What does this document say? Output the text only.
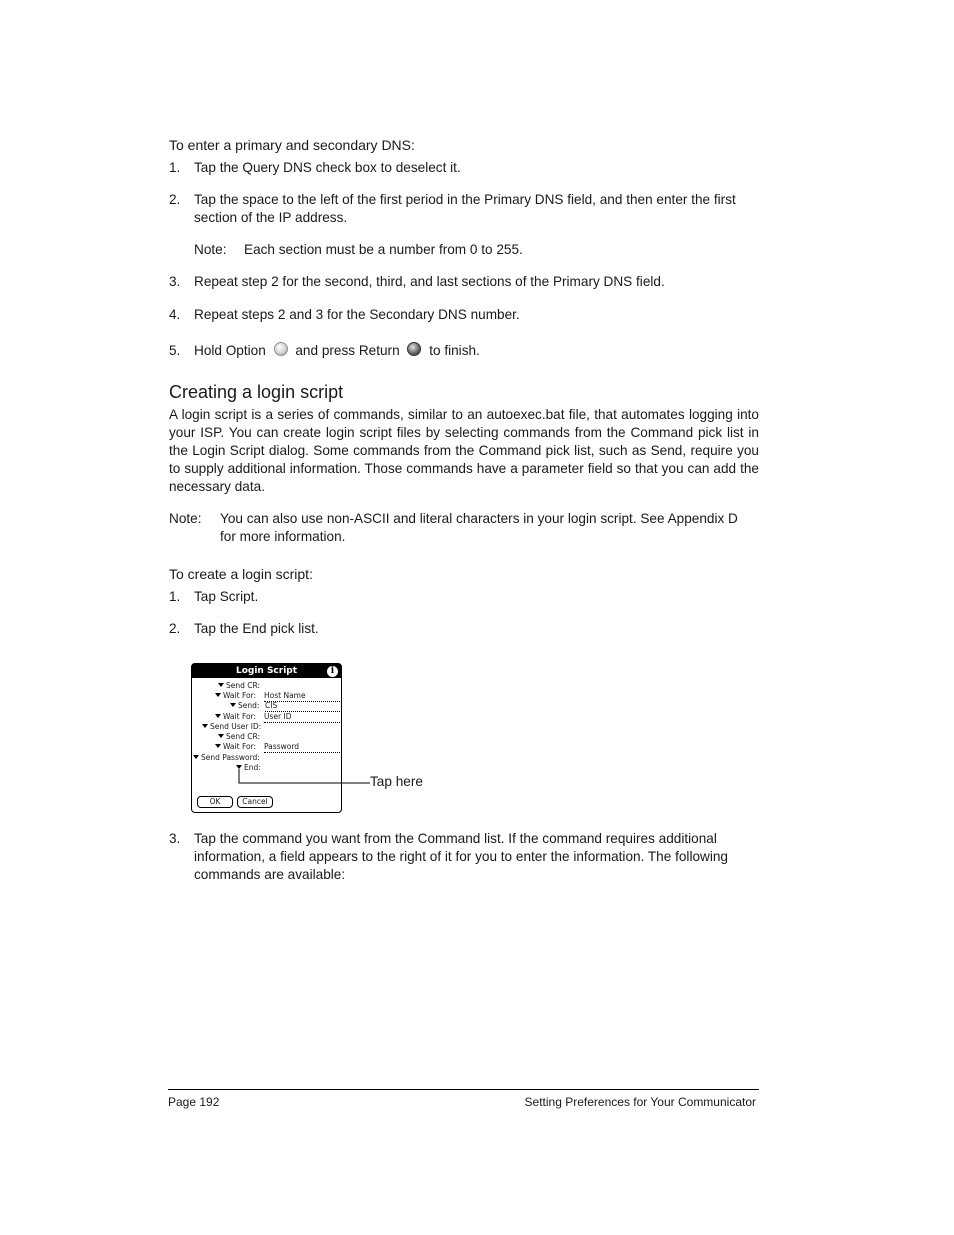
To enter a primary and secondary DNS:
1.	Tap the Query DNS check box to deselect it.
2.	Tap the space to the left of the first period in the Primary DNS field, and then enter the first section of the IP address.
Note:	Each section must be a number from 0 to 255.
3.	Repeat step 2 for the second, third, and last sections of the Primary DNS field.
4.	Repeat steps 2 and 3 for the Secondary DNS number.
5.	Hold Option and press Return to finish.
Creating a login script
A login script is a series of commands, similar to an autoexec.bat file, that automates logging into your ISP. You can create login script files by selecting commands from the Command pick list in the Login Script dialog. Some commands from the Command pick list, such as Send, require you to supply additional information. Those commands have a parameter field so that you can add the necessary data.
Note:	You can also use non-ASCII and literal characters in your login script. See Appendix D for more information.
To create a login script:
1.	Tap Script.
2.	Tap the End pick list.
Login Script	i
Send CR:
Wait For: Host Name
Send: CIS
Wait For: User ID
Send User ID:
Send CR:
Wait For: Password
Send Password:
End:
OK	Cancel
Tap here
3.	Tap the command you want from the Command list. If the command requires additional information, a field appears to the right of it for you to enter the information. The following commands are available:
Page 192	Setting Preferences for Your Communicator
